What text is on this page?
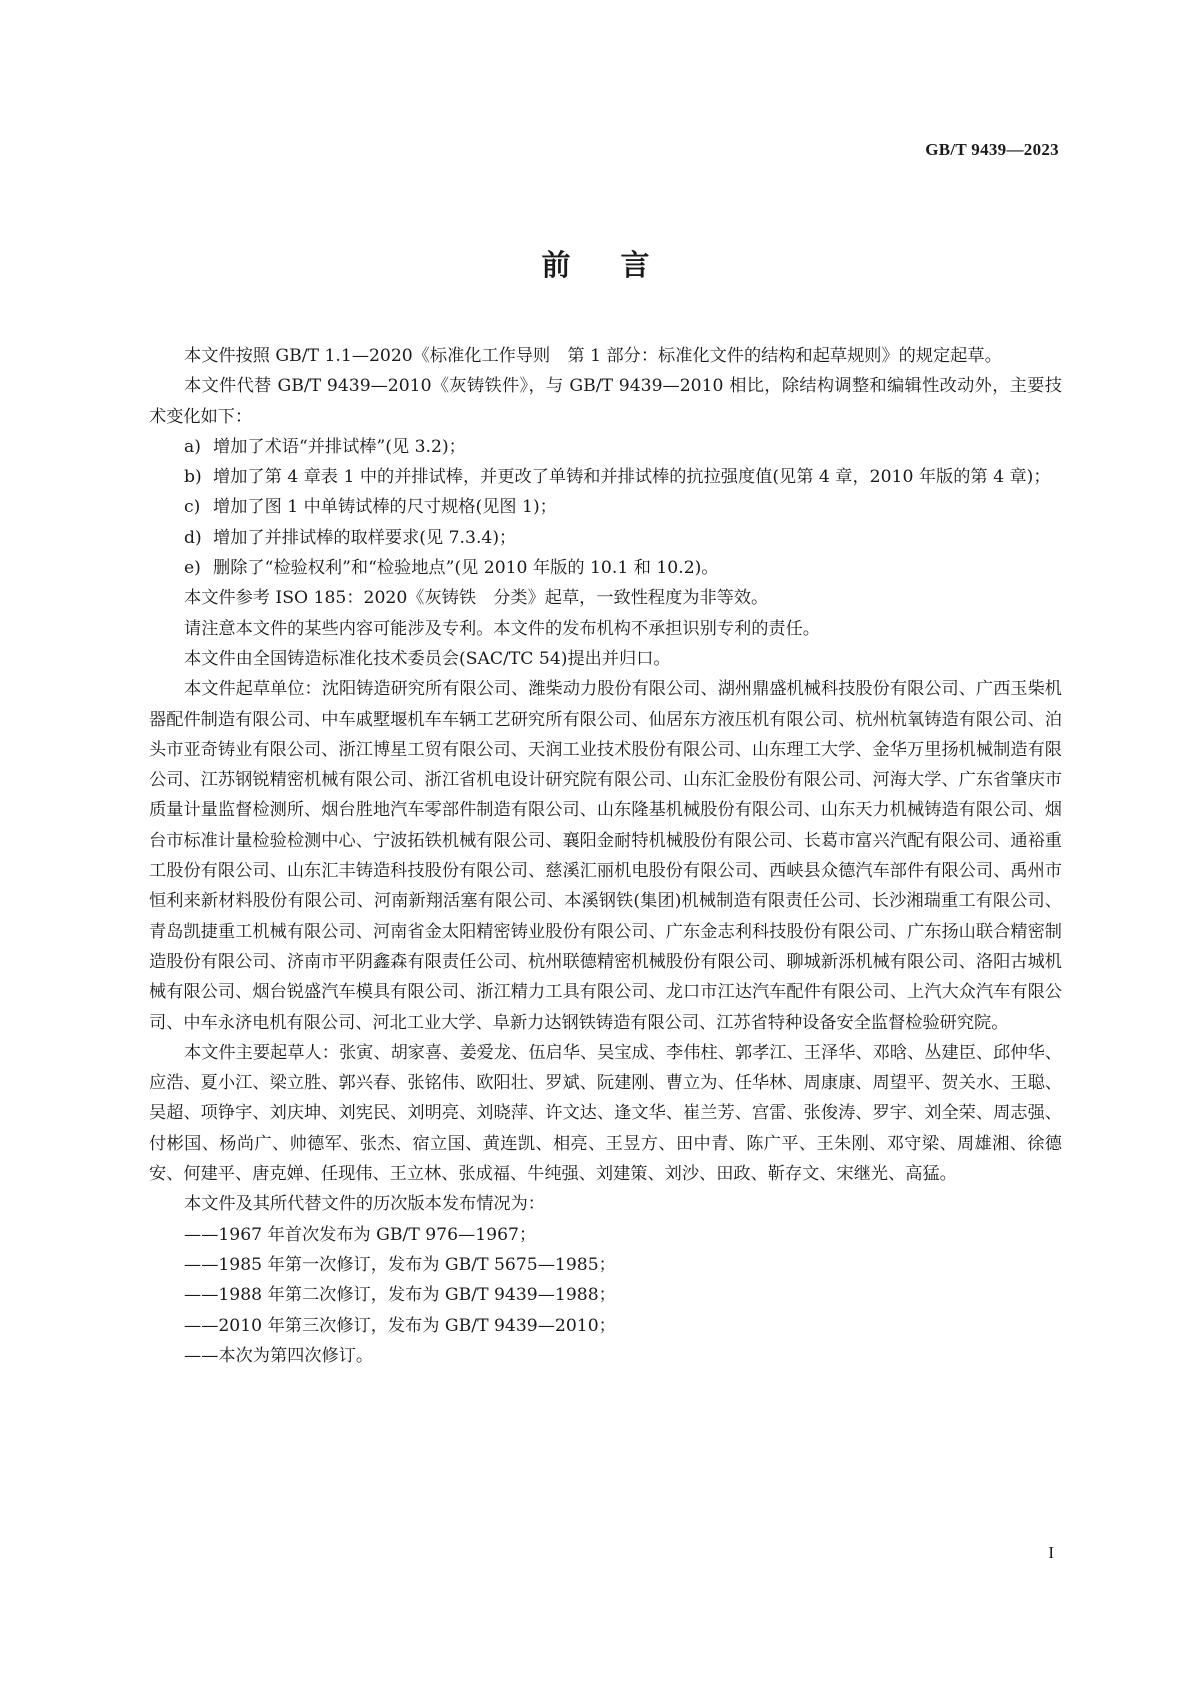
GB/T 9439—2023
前言

本文件按照 GB/T 1.1—2020《标准化工作导则　第 1 部分：标准化文件的结构和起草规则》的规定起草。

本文件代替 GB/T 9439—2010《灰铸铁件》，与 GB/T 9439—2010 相比，除结构调整和编辑性改动外，主要技术变化如下：

a) 增加了术语“并排试棒”(见 3.2)；

b) 增加了第 4 章表 1 中的并排试棒，并更改了单铸和并排试棒的抗拉强度值(见第 4 章，2010 年版的第 4 章)；

c) 增加了图 1 中单铸试棒的尺寸规格(见图 1)；

d) 增加了并排试棒的取样要求(见 7.3.4)；

e) 删除了“检验权利”和“检验地点”(见 2010 年版的 10.1 和 10.2)。

本文件参考 ISO 185：2020《灰铸铁　分类》起草，一致性程度为非等效。

请注意本文件的某些内容可能涉及专利。本文件的发布机构不承担识别专利的责任。

本文件由全国铸造标准化技术委员会(SAC/TC 54)提出并归口。

本文件起草单位：沈阳铸造研究所有限公司、潍柴动力股份有限公司、湖州鼎盛机械科技股份有限公司、广西玉柴机器配件制造有限公司、中车戚墅堰机车车辆工艺研究所有限公司、仙居东方液压机有限公司、杭州杭氧铸造有限公司、泊头市亚奇铸业有限公司、浙江博星工贸有限公司、天润工业技术股份有限公司、山东理工大学、金华万里扬机械制造有限公司、江苏钢锐精密机械有限公司、浙江省机电设计研究院有限公司、山东汇金股份有限公司、河海大学、广东省肇庆市质量计量监督检测所、烟台胜地汽车零部件制造有限公司、山东隆基机械股份有限公司、山东天力机械铸造有限公司、烟台市标准计量检验检测中心、宁波拓铁机械有限公司、襄阳金耐特机械股份有限公司、长葛市富兴汽配有限公司、通裕重工股份有限公司、山东汇丰铸造科技股份有限公司、慈溪汇丽机电股份有限公司、西峡县众德汽车部件有限公司、禹州市恒利来新材料股份有限公司、河南新翔活塞有限公司、本溪钢铁(集团)机械制造有限责任公司、长沙湘瑞重工有限公司、青岛凯捷重工机械有限公司、河南省金太阳精密铸业股份有限公司、广东金志利科技股份有限公司、广东扬山联合精密制造股份有限公司、济南市平阴鑫森有限责任公司、杭州联德精密机械股份有限公司、聊城新泺机械有限公司、洛阳古城机械有限公司、烟台锐盛汽车模具有限公司、浙江精力工具有限公司、龙口市江达汽车配件有限公司、上汽大众汽车有限公司、中车永济电机有限公司、河北工业大学、阜新力达钢铁铸造有限公司、江苏省特种设备安全监督检验研究院。

本文件主要起草人：张寅、胡家喜、姜爱龙、伍启华、吴宝成、李伟柱、郭孝江、王泽华、邓晗、丛建臣、邱仲华、应浩、夏小江、梁立胜、郭兴春、张铭伟、欧阳壮、罗斌、阮建刚、曹立为、任华林、周康康、周望平、贺关水、王聪、吴超、项铮宇、刘庆坤、刘宪民、刘明亮、刘晓萍、许文达、逢文华、崔兰芳、宫雷、张俊涛、罗宇、刘全荣、周志强、付彬国、杨尚广、帅德军、张杰、宿立国、黄连凯、相亮、王昱方、田中青、陈广平、王朱刚、邓守梁、周雄湘、徐德安、何建平、唐克婵、任现伟、王立林、张成福、牛纯强、刘建策、刘沙、田政、靳存文、宋继光、高猛。

本文件及其所代替文件的历次版本发布情况为：

——1967 年首次发布为 GB/T 976—1967；

——1985 年第一次修订，发布为 GB/T 5675—1985；

——1988 年第二次修订，发布为 GB/T 9439—1988；

——2010 年第三次修订，发布为 GB/T 9439—2010；

——本次为第四次修订。

I
